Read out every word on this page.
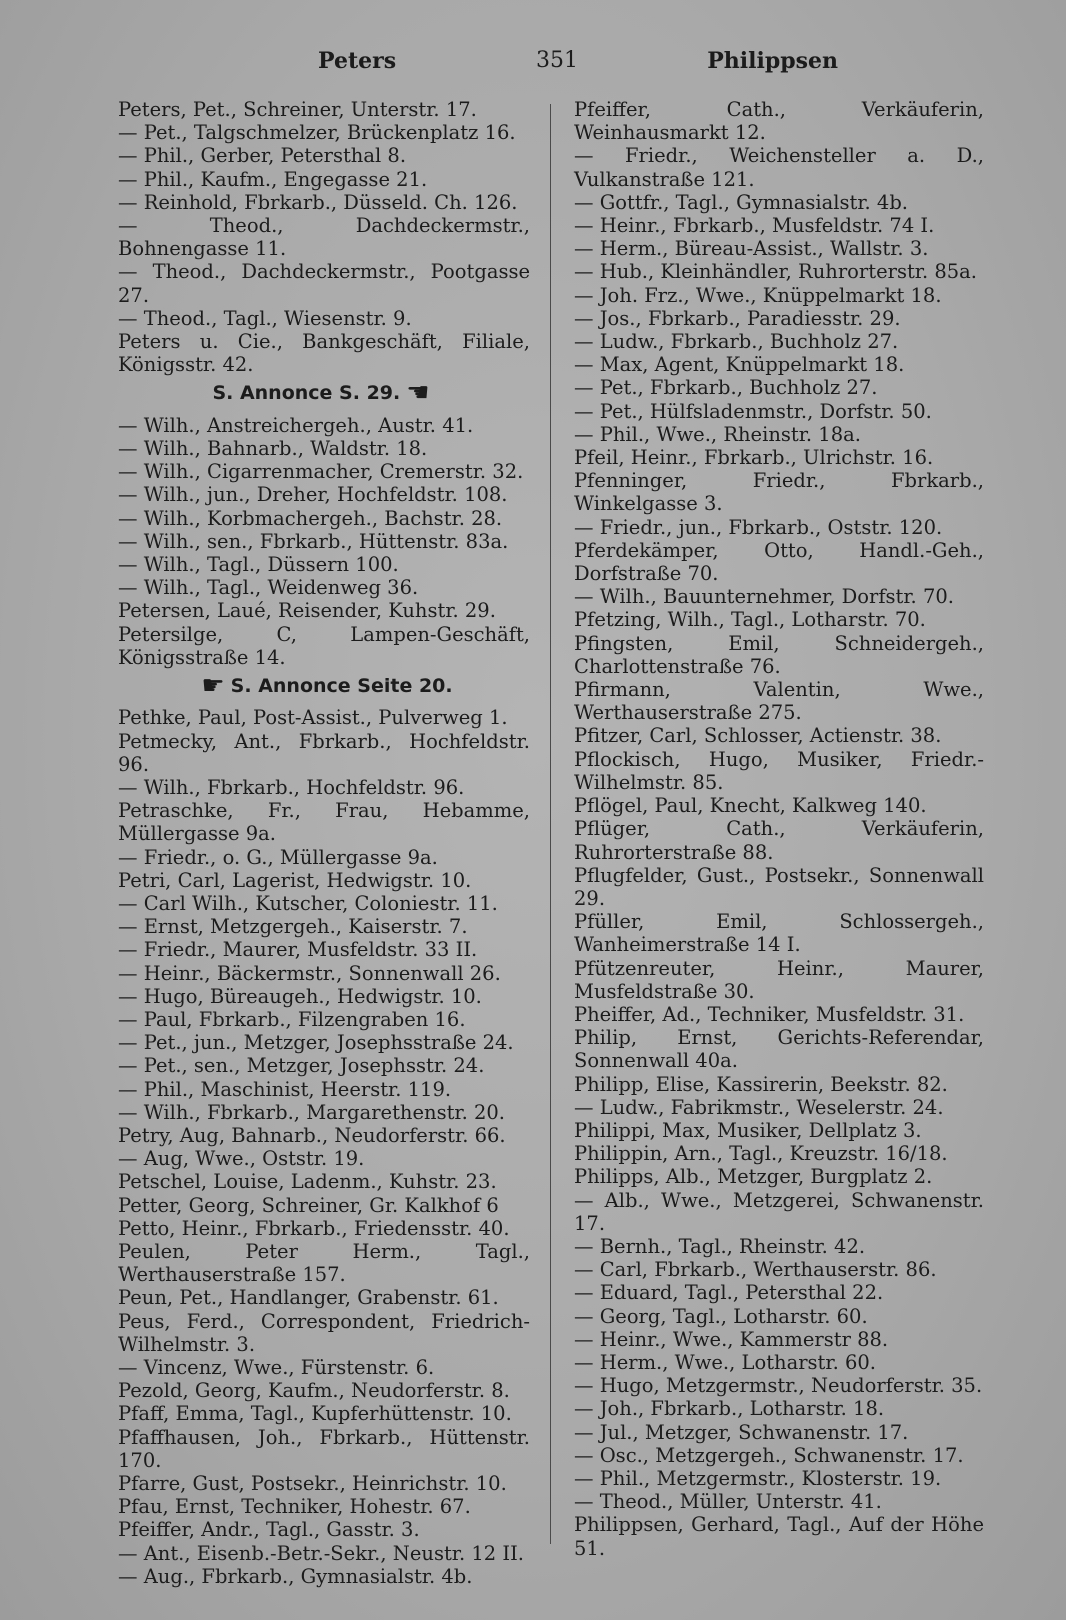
Peters	351	Philippsen
Peters, Pet., Schreiner, Unterstr. 17.
— Pet., Talgschmelzer, Brückenplatz 16.
— Phil., Gerber, Petersthal 8.
— Phil., Kaufm., Engegasse 21.
— Reinhold, Fbrkarb., Düsseld. Ch. 126.
— Theod., Dachdeckermstr., Bohnengasse 11.
— Theod., Dachdeckermstr., Pootgasse 27.
— Theod., Tagl., Wiesenstr. 9.
Peters u. Cie., Bankgeschäft, Filiale, Königsstr. 42.
S. Annonce S. 29. ☚
— Wilh., Anstreichergeh., Austr. 41.
— Wilh., Bahnarb., Waldstr. 18.
— Wilh., Cigarrenmacher, Cremerstr. 32.
— Wilh., jun., Dreher, Hochfeldstr. 108.
— Wilh., Korbmachergeh., Bachstr. 28.
— Wilh., sen., Fbrkarb., Hüttenstr. 83a.
— Wilh., Tagl., Düssern 100.
— Wilh., Tagl., Weidenweg 36.
Petersen, Laué, Reisender, Kuhstr. 29.
Petersilge, C, Lampen-Geschäft, Königsstraße 14.
☛ S. Annonce Seite 20.
Pethke, Paul, Post-Assist., Pulverweg 1.
Petmecky, Ant., Fbrkarb., Hochfeldstr. 96.
— Wilh., Fbrkarb., Hochfeldstr. 96.
Petraschke, Fr., Frau, Hebamme, Müllergasse 9a.
— Friedr., o. G., Müllergasse 9a.
Petri, Carl, Lagerist, Hedwigstr. 10.
— Carl Wilh., Kutscher, Coloniestr. 11.
— Ernst, Metzgergeh., Kaiserstr. 7.
— Friedr., Maurer, Musfeldstr. 33 II.
— Heinr., Bäckermstr., Sonnenwall 26.
— Hugo, Büreaugeh., Hedwigstr. 10.
— Paul, Fbrkarb., Filzengraben 16.
— Pet., jun., Metzger, Josephsstraße 24.
— Pet., sen., Metzger, Josephsstr. 24.
— Phil., Maschinist, Heerstr. 119.
— Wilh., Fbrkarb., Margarethenstr. 20.
Petry, Aug, Bahnarb., Neudorferstr. 66.
— Aug, Wwe., Oststr. 19.
Petschel, Louise, Ladenm., Kuhstr. 23.
Petter, Georg, Schreiner, Gr. Kalkhof 6
Petto, Heinr., Fbrkarb., Friedensstr. 40.
Peulen, Peter Herm., Tagl., Werthauserstraße 157.
Peun, Pet., Handlanger, Grabenstr. 61.
Peus, Ferd., Correspondent, Friedrich-Wilhelmstr. 3.
— Vincenz, Wwe., Fürstenstr. 6.
Pezold, Georg, Kaufm., Neudorferstr. 8.
Pfaff, Emma, Tagl., Kupferhüttenstr. 10.
Pfaffhausen, Joh., Fbrkarb., Hüttenstr. 170.
Pfarre, Gust, Postsekr., Heinrichstr. 10.
Pfau, Ernst, Techniker, Hohestr. 67.
Pfeiffer, Andr., Tagl., Gasstr. 3.
— Ant., Eisenb.-Betr.-Sekr., Neustr. 12 II.
— Aug., Fbrkarb., Gymnasialstr. 4b.
Pfeiffer, Cath., Verkäuferin, Weinhausmarkt 12.
— Friedr., Weichensteller a. D., Vulkanstraße 121.
— Gottfr., Tagl., Gymnasialstr. 4b.
— Heinr., Fbrkarb., Musfeldstr. 74 I.
— Herm., Büreau-Assist., Wallstr. 3.
— Hub., Kleinhändler, Ruhrorterstr. 85a.
— Joh. Frz., Wwe., Knüppelmarkt 18.
— Jos., Fbrkarb., Paradiesstr. 29.
— Ludw., Fbrkarb., Buchholz 27.
— Max, Agent, Knüppelmarkt 18.
— Pet., Fbrkarb., Buchholz 27.
— Pet., Hülfsladenmstr., Dorfstr. 50.
— Phil., Wwe., Rheinstr. 18a.
Pfeil, Heinr., Fbrkarb., Ulrichstr. 16.
Pfenninger, Friedr., Fbrkarb., Winkelgasse 3.
— Friedr., jun., Fbrkarb., Oststr. 120.
Pferdekämper, Otto, Handl.-Geh., Dorfstraße 70.
— Wilh., Bauunternehmer, Dorfstr. 70.
Pfetzing, Wilh., Tagl., Lotharstr. 70.
Pfingsten, Emil, Schneidergeh., Charlottenstraße 76.
Pfirmann, Valentin, Wwe., Werthauserstraße 275.
Pfitzer, Carl, Schlosser, Actienstr. 38.
Pflockisch, Hugo, Musiker, Friedr.-Wilhelmstr. 85.
Pflögel, Paul, Knecht, Kalkweg 140.
Pflüger, Cath., Verkäuferin, Ruhrorterstraße 88.
Pflugfelder, Gust., Postsekr., Sonnenwall 29.
Pfüller, Emil, Schlossergeh., Wanheimerstraße 14 I.
Pfützenreuter, Heinr., Maurer, Musfeldstraße 30.
Pheiffer, Ad., Techniker, Musfeldstr. 31.
Philip, Ernst, Gerichts-Referendar, Sonnenwall 40a.
Philipp, Elise, Kassirerin, Beekstr. 82.
— Ludw., Fabrikmstr., Weselerstr. 24.
Philippi, Max, Musiker, Dellplatz 3.
Philippin, Arn., Tagl., Kreuzstr. 16/18.
Philipps, Alb., Metzger, Burgplatz 2.
— Alb., Wwe., Metzgerei, Schwanenstr. 17.
— Bernh., Tagl., Rheinstr. 42.
— Carl, Fbrkarb., Werthauserstr. 86.
— Eduard, Tagl., Petersthal 22.
— Georg, Tagl., Lotharstr. 60.
— Heinr., Wwe., Kammerstr 88.
— Herm., Wwe., Lotharstr. 60.
— Hugo, Metzgermstr., Neudorferstr. 35.
— Joh., Fbrkarb., Lotharstr. 18.
— Jul., Metzger, Schwanenstr. 17.
— Osc., Metzgergeh., Schwanenstr. 17.
— Phil., Metzgermstr., Klosterstr. 19.
— Theod., Müller, Unterstr. 41.
Philippsen, Gerhard, Tagl., Auf der Höhe 51.
